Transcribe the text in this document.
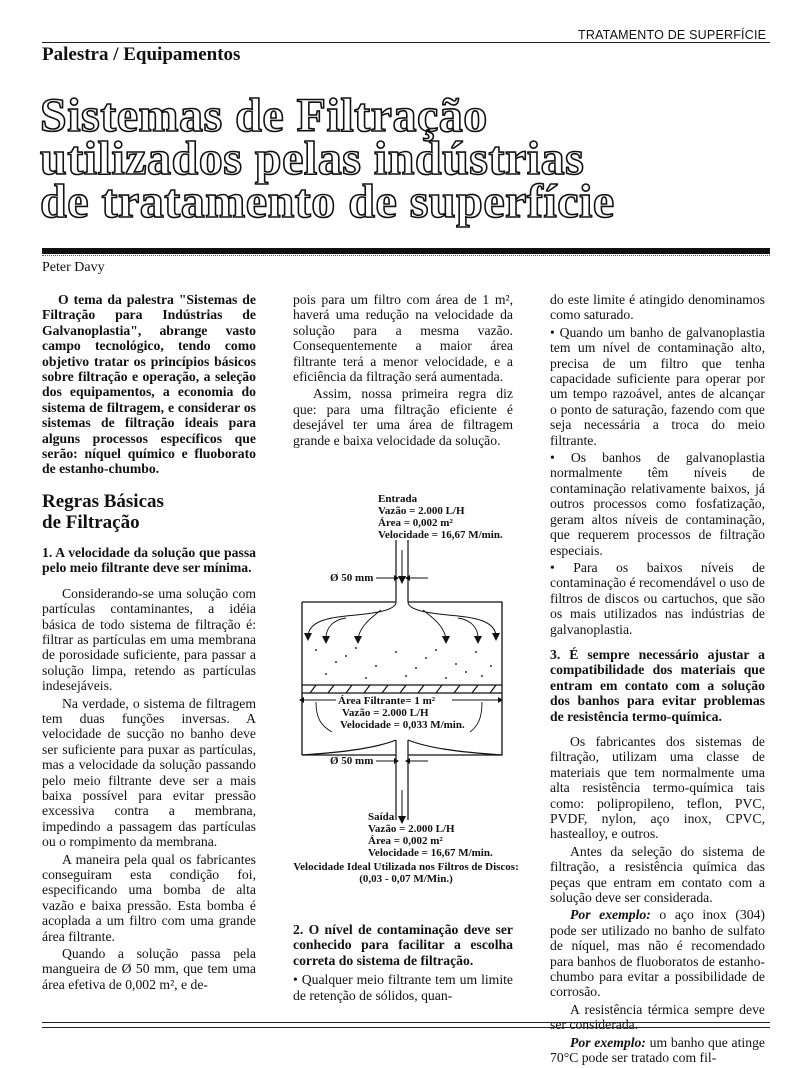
TRATAMENTO DE SUPERFÍCIE
Palestra / Equipamentos
Sistemas de Filtração
utilizados pelas indústrias
de tratamento de superfície
Peter Davy

O tema da palestra "Sistemas de Filtração para Indústrias de Galvanoplastia", abrange vasto campo tecnológico, tendo como objetivo tratar os princípios básicos sobre filtração e operação, a seleção dos equipamentos, a economia do sistema de filtragem, e considerar os sistemas de filtração ideais para alguns processos específicos que serão: níquel químico e fluoborato de estanho-chumbo.

Regras Básicas
de Filtração

1. A velocidade da solução que passa pelo meio filtrante deve ser mínima.

Considerando-se uma solução com partículas contaminantes, a idéia básica de todo sistema de filtração é: filtrar as partículas em uma membrana de porosidade suficiente, para passar a solução limpa, retendo as partículas indesejáveis.

Na verdade, o sistema de filtragem tem duas funções inversas. A velocidade de sucção no banho deve ser suficiente para puxar as partículas, mas a velocidade da solução passando pelo meio filtrante deve ser a mais baixa possível para evitar pressão excessiva contra a membrana, impedindo a passagem das partículas ou o rompimento da membrana.

A maneira pela qual os fabricantes conseguiram esta condição foi, especificando uma bomba de alta vazão e baixa pressão. Esta bomba é acoplada a um filtro com uma grande área filtrante.

Quando a solução passa pela mangueira de Ø 50 mm, que tem uma área efetiva de 0,002 m², e de-

pois para um filtro com área de 1 m², haverá uma redução na velocidade da solução para a mesma vazão. Consequentemente a maior área filtrante terá a menor velocidade, e a eficiência da filtração será aumentada.

Assim, nossa primeira regra diz que: para uma filtração eficiente é desejável ter uma área de filtragem grande e baixa velocidade da solução.

Entrada
Vazão = 2.000 L/H
Área = 0,002 m²
Velocidade = 16,67 M/min.
Ø 50 mm
Área Filtrante= 1 m²
Vazão = 2.000 L/H
Velocidade = 0,033 M/min.
Ø 50 mm
Saída
Vazão = 2.000 L/H
Área = 0,002 m²
Velocidade = 16,67 M/min.
Velocidade Ideal Utilizada nos Filtros de Discos:
(0,03 - 0,07 M/Min.)

2. O nível de contaminação deve ser conhecido para facilitar a escolha correta do sistema de filtração.

• Qualquer meio filtrante tem um limite de retenção de sólidos, quan-

do este limite é atingido denominamos como saturado.

• Quando um banho de galvanoplastia tem um nível de contaminação alto, precisa de um filtro que tenha capacidade suficiente para operar por um tempo razoável, antes de alcançar o ponto de saturação, fazendo com que seja necessária a troca do meio filtrante.

• Os banhos de galvanoplastia normalmente têm níveis de contaminação relativamente baixos, já outros processos como fosfatização, geram altos níveis de contaminação, que requerem processos de filtração especiais.

• Para os baixos níveis de contaminação é recomendável o uso de filtros de discos ou cartuchos, que são os mais utilizados nas indústrias de galvanoplastia.

3. É sempre necessário ajustar a compatibilidade dos materiais que entram em contato com a solução dos banhos para evitar problemas de resistência termo-química.

Os fabricantes dos sistemas de filtração, utilizam uma classe de materiais que tem normalmente uma alta resistência termo-química tais como: polipropileno, teflon, PVC, PVDF, nylon, aço inox, CPVC, hastealloy, e outros.

Antes da seleção do sistema de filtração, a resistência química das peças que entram em contato com a solução deve ser considerada.

Por exemplo: o aço inox (304) pode ser utilizado no banho de sulfato de níquel, mas não é recomendado para banhos de fluoboratos de estanho-chumbo para evitar a possibilidade de corrosão.

A resistência térmica sempre deve ser considerada.

Por exemplo: um banho que atinge 70°C pode ser tratado com fil-
